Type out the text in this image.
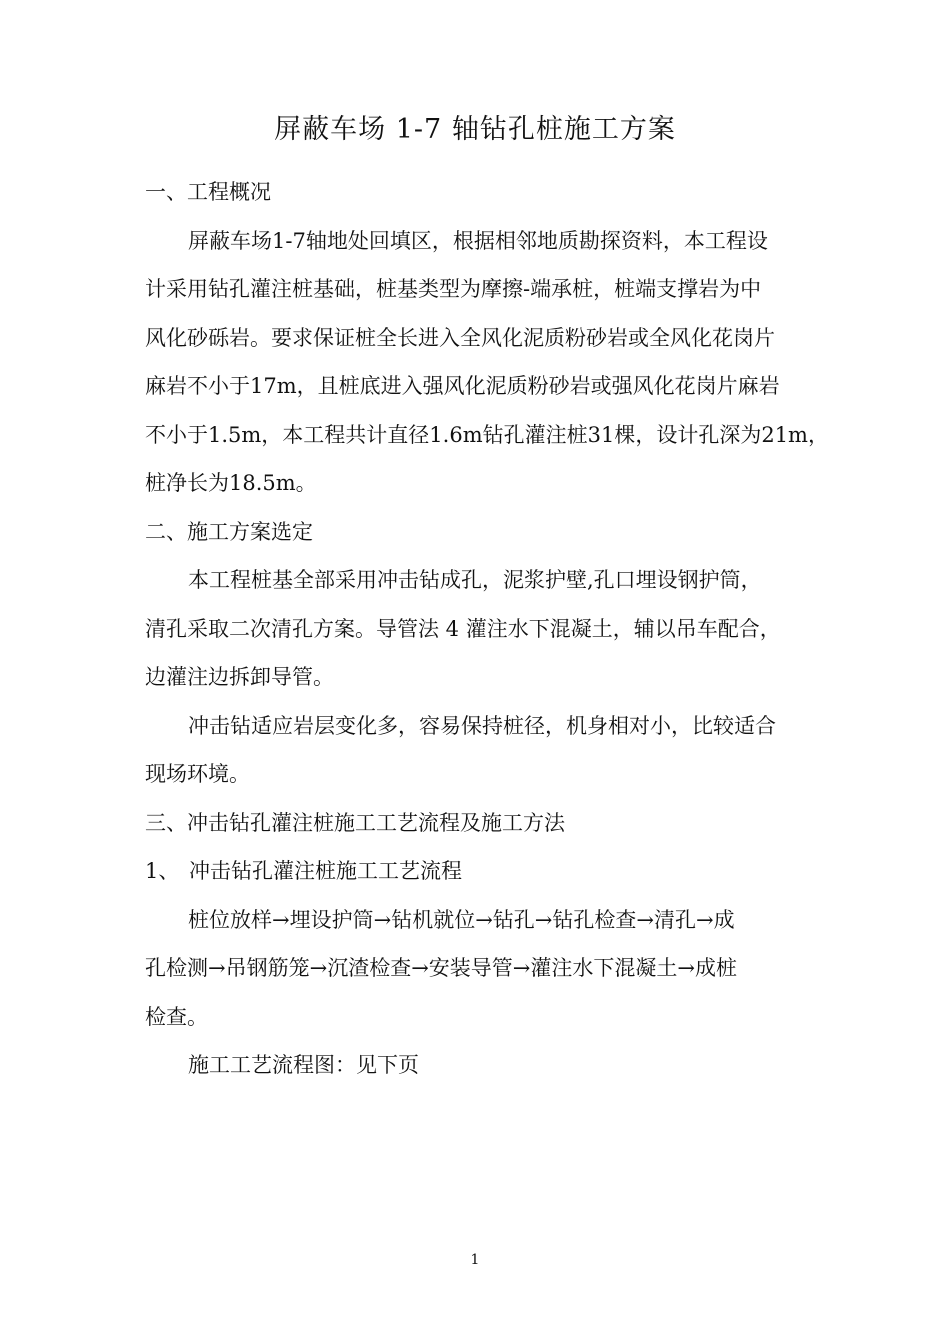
屏蔽车场 1-7 轴钻孔桩施工方案
一、工程概况
屏蔽车场1-7轴地处回填区，根据相邻地质勘探资料，本工程设
计采用钻孔灌注桩基础，桩基类型为摩擦-端承桩，桩端支撑岩为中
风化砂砾岩。要求保证桩全长进入全风化泥质粉砂岩或全风化花岗片
麻岩不小于17m，且桩底进入强风化泥质粉砂岩或强风化花岗片麻岩
不小于1.5m，本工程共计直径1.6m钻孔灌注桩31棵，设计孔深为21m，
桩净长为18.5m。
二、施工方案选定
本工程桩基全部采用冲击钻成孔，泥浆护壁,孔口埋设钢护筒，
清孔采取二次清孔方案。导管法 4 灌注水下混凝土，辅以吊车配合，
边灌注边拆卸导管。
冲击钻适应岩层变化多，容易保持桩径，机身相对小，比较适合
现场环境。
三、冲击钻孔灌注桩施工工艺流程及施工方法
1、 冲击钻孔灌注桩施工工艺流程
桩位放样→埋设护筒→钻机就位→钻孔→钻孔检查→清孔→成
孔检测→吊钢筋笼→沉渣检查→安装导管→灌注水下混凝土→成桩
检查。
施工工艺流程图：见下页
1
